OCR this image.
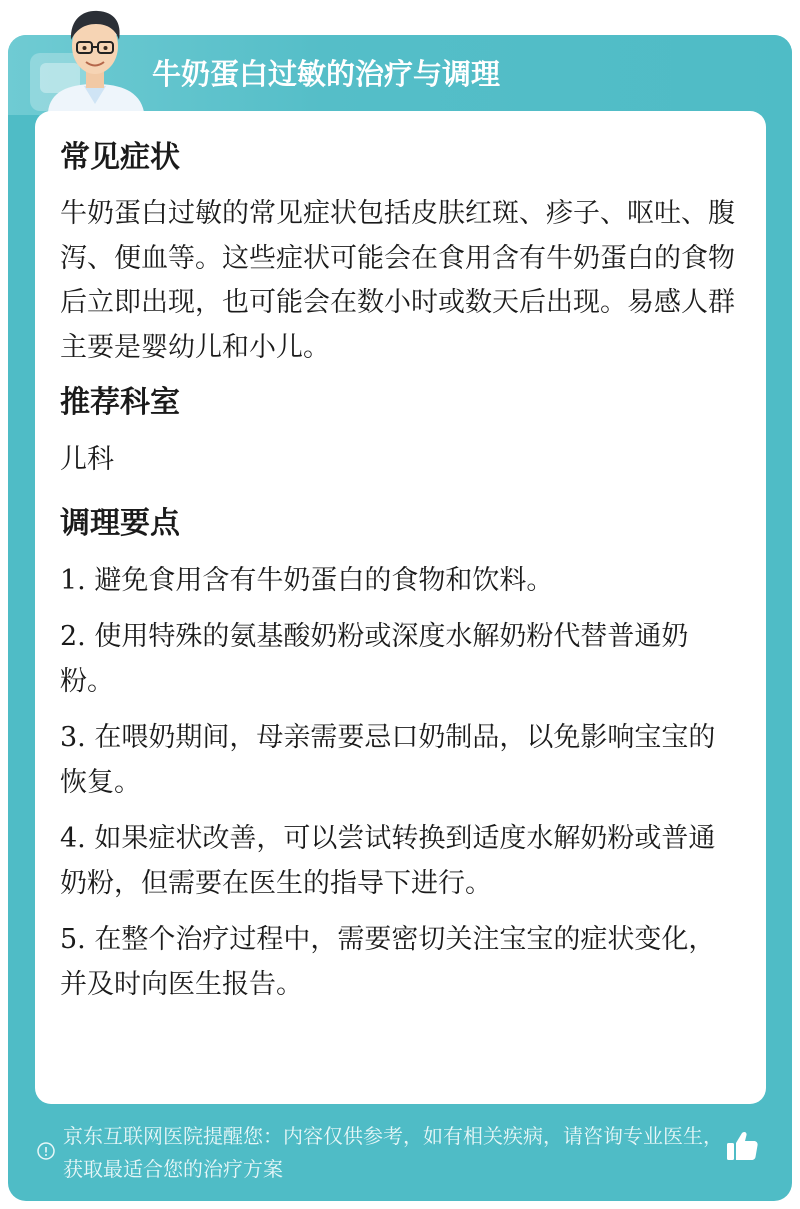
牛奶蛋白过敏的治疗与调理
常见症状

牛奶蛋白过敏的常见症状包括皮肤红斑、疹子、呕吐、腹泻、便血等。这些症状可能会在食用含有牛奶蛋白的食物后立即出现，也可能会在数小时或数天后出现。易感人群主要是婴幼儿和小儿。

推荐科室

儿科

调理要点

1. 避免食用含有牛奶蛋白的食物和饮料。

2. 使用特殊的氨基酸奶粉或深度水解奶粉代替普通奶粉。

3. 在喂奶期间，母亲需要忌口奶制品，以免影响宝宝的恢复。

4. 如果症状改善，可以尝试转换到适度水解奶粉或普通奶粉，但需要在医生的指导下进行。

5. 在整个治疗过程中，需要密切关注宝宝的症状变化，并及时向医生报告。

京东互联网医院提醒您：内容仅供参考，如有相关疾病，请咨询专业医生，获取最适合您的治疗方案
